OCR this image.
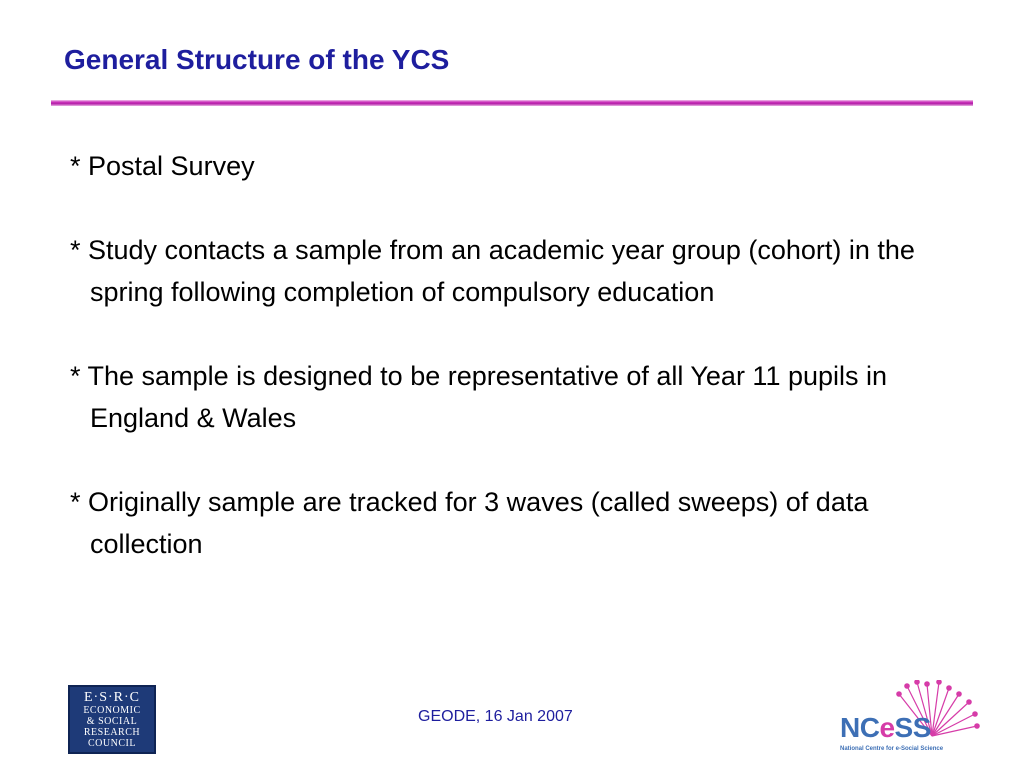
General Structure of the YCS
* Postal Survey
* Study contacts a sample from an academic year group (cohort) in the spring following completion of compulsory education
* The sample is designed to be representative of all Year 11 pupils in England & Wales
* Originally sample are tracked for 3 waves (called sweeps) of data collection
E·S·R·C
ECONOMIC
& SOCIAL
RESEARCH
COUNCIL

GEODE, 16 Jan 2007	NCeSS
National Centre for e-Social Science
